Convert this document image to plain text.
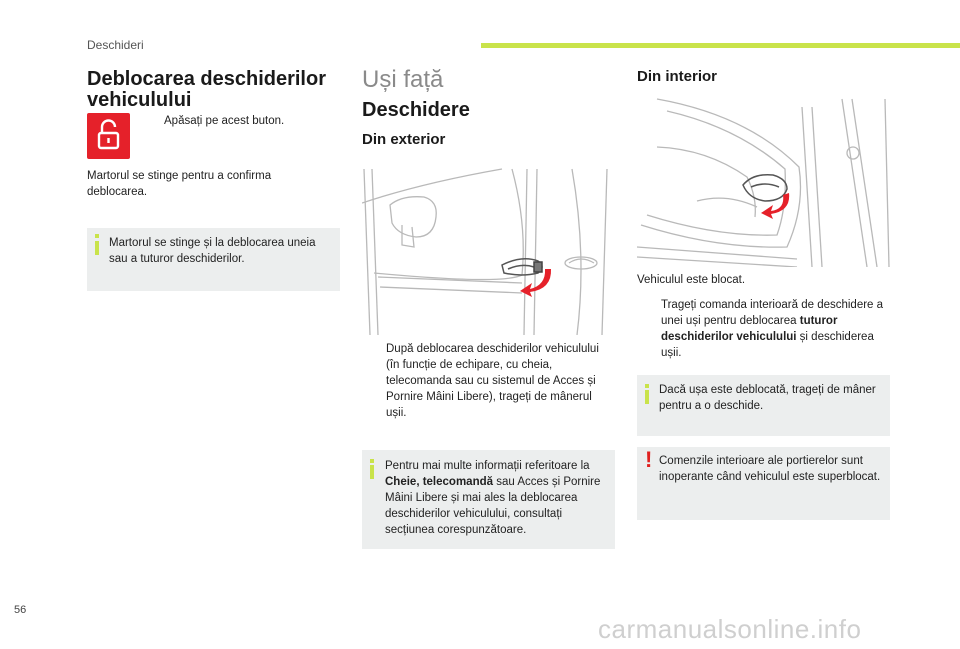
Deschideri
Deblocarea deschiderilor vehiculului
Apăsați pe acest buton.
Martorul se stinge pentru a confirma deblocarea.
Martorul se stinge și la deblocarea uneia sau a tuturor deschiderilor.
Uși față
Deschidere
Din exterior
După deblocarea deschiderilor vehiculului (în funcție de echipare, cu cheia, telecomanda sau cu sistemul de Acces și Pornire Mâini Libere), trageți de mânerul ușii.
Pentru mai multe informații referitoare la Cheie, telecomandă sau Acces și Pornire Mâini Libere și mai ales la deblocarea deschiderilor vehiculului, consultați secțiunea corespunzătoare.
Din interior
Vehiculul este blocat.
Trageți comanda interioară de deschidere a unei uși pentru deblocarea tuturor deschiderilor vehiculului și deschiderea ușii.
Dacă ușa este deblocată, trageți de mâner pentru a o deschide.
! Comenzile interioare ale portierelor sunt inoperante când vehiculul este superblocat.
56
carmanualsonline.info
